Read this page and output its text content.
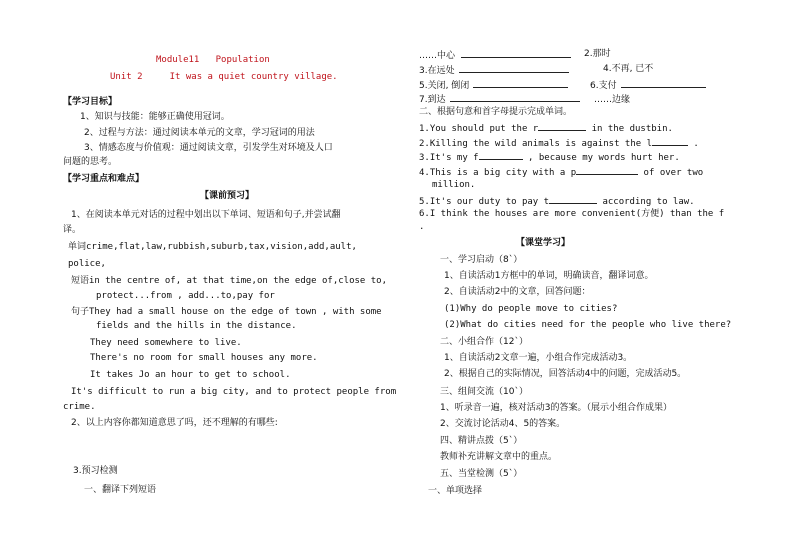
Module11   Population
Unit 2     It was a quiet country village.
【学习目标】
1、知识与技能：能够正确使用冠词。
2、过程与方法：通过阅读本单元的文章，学习冠词的用法
3、情感态度与价值观：通过阅读文章，引发学生对环境及人口
问题的思考。
【学习重点和难点】
【课前预习】
1、在阅读本单元对话的过程中划出以下单词、短语和句子,并尝试翻
译。
单词crime,flat,law,rubbish,suburb,tax,vision,add,ault,
police,
短语in the centre of, at that time,on the edge of,close to,
protect...from , add...to,pay for
句子They had a small house on the edge of town , with some
fields and the hills in the distance.
They need somewhere to live.
There's no room for small houses any more.
It takes Jo an hour to get to school.
It's difficult to run a big city, and to protect people from
crime.
2、以上内容你都知道意思了吗，还不理解的有哪些:
3.预习检测
一、翻译下列短语
……中心	2.那时
3.在远处	4.不再, 已不
5.关闭, 倒闭	6.支付
7.到达	……边缘
二、根据句意和首字母提示完成单词。
1.You should put the r	in the dustbin.
2.Killing the wild animals is against the l	.
3.It's my f	, because my words hurt her.
4.This is a big city with a p	of over two
million.
5.It's our duty to pay t	according to law.
6.I think the houses are more convenient(方便) than the f
.
【课堂学习】
一、学习启动（8`）
1、自读活动1方框中的单词，明确读音，翻译词意。
2、自读活动2中的文章，回答问题：
(1)Why do people move to cities?
(2)What do cities need for the people who live there?
二、小组合作（12`）
1、自读活动2文章一遍，小组合作完成活动3。
2、根据自己的实际情况，回答活动4中的问题，完成活动5。
三、组间交流（10`）
1、听录音一遍，核对活动3的答案。（展示小组合作成果）
2、交流讨论活动4、5的答案。
四、精讲点拨（5`）
教师补充讲解文章中的重点。
五、当堂检测（5`）
一、单项选择
